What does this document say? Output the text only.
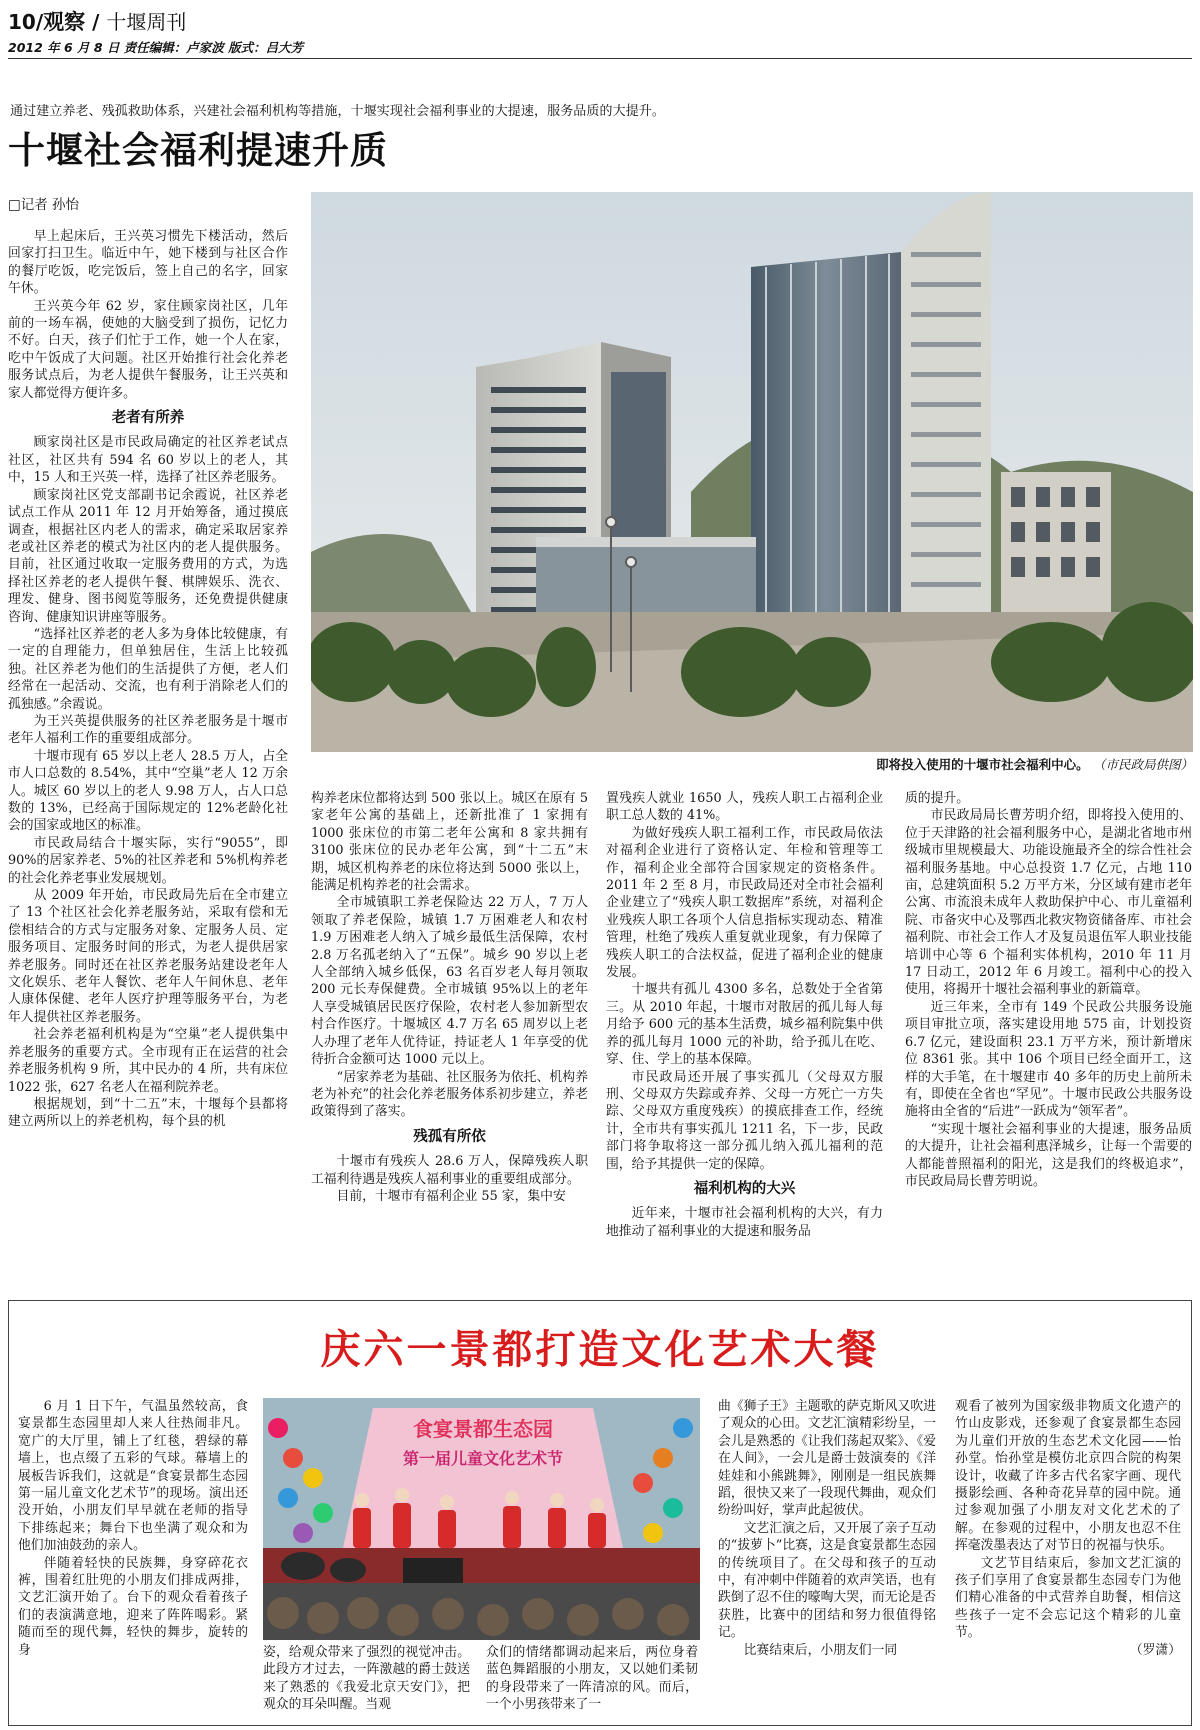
10/观察 / 十堰周刊
2012 年 6 月 8 日 责任编辑：卢家波 版式：吕大芳
通过建立养老、残孤救助体系，兴建社会福利机构等措施，十堰实现社会福利事业的大提速，服务品质的大提升。
十堰社会福利提速升质
□记者 孙怡

早上起床后，王兴英习惯先下楼活动，然后回家打扫卫生。临近中午，她下楼到与社区合作的餐厅吃饭，吃完饭后，签上自己的名字，回家午休。

王兴英今年 62 岁，家住顾家岗社区，几年前的一场车祸，使她的大脑受到了损伤，记忆力不好。白天，孩子们忙于工作，她一个人在家，吃中午饭成了大问题。社区开始推行社会化养老服务试点后，为老人提供午餐服务，让王兴英和家人都觉得方便许多。

老者有所养

顾家岗社区是市民政局确定的社区养老试点社区，社区共有 594 名 60 岁以上的老人，其中，15 人和王兴英一样，选择了社区养老服务。

顾家岗社区党支部副书记余霞说，社区养老试点工作从 2011 年 12 月开始筹备，通过摸底调查，根据社区内老人的需求，确定采取居家养老或社区养老的模式为社区内的老人提供服务。目前，社区通过收取一定服务费用的方式，为选择社区养老的老人提供午餐、棋牌娱乐、洗衣、理发、健身、图书阅览等服务，还免费提供健康咨询、健康知识讲座等服务。

“选择社区养老的老人多为身体比较健康，有一定的自理能力，但单独居住，生活上比较孤独。社区养老为他们的生活提供了方便，老人们经常在一起活动、交流，也有利于消除老人们的孤独感。”余霞说。

为王兴英提供服务的社区养老服务是十堰市老年人福利工作的重要组成部分。

十堰市现有 65 岁以上老人 28.5 万人，占全市人口总数的 8.54%，其中“空巢”老人 12 万余人。城区 60 岁以上的老人 9.98 万人，占人口总数的 13%，已经高于国际规定的 12%老龄化社会的国家或地区的标准。

市民政局结合十堰实际，实行“9055”，即 90%的居家养老、5%的社区养老和 5%机构养老的社会化养老事业发展规划。

从 2009 年开始，市民政局先后在全市建立了 13 个社区社会化养老服务站，采取有偿和无偿相结合的方式与定服务对象、定服务人员、定服务项目、定服务时间的形式，为老人提供居家养老服务。同时还在社区养老服务站建设老年人文化娱乐、老年人餐饮、老年人午间休息、老年人康体保健、老年人医疗护理等服务平台，为老年人提供社区养老服务。

社会养老福利机构是为“空巢”老人提供集中养老服务的重要方式。全市现有正在运营的社会养老服务机构 9 所，其中民办的 4 所，共有床位 1022 张，627 名老人在福利院养老。

根据规划，到“十二五”末，十堰每个县都将建立两所以上的养老机构，每个县的机

即将投入使用的十堰市社会福利中心。 （市民政局供图）

构养老床位都将达到 500 张以上。城区在原有 5 家老年公寓的基础上，还新批准了 1 家拥有 1000 张床位的市第二老年公寓和 8 家共拥有 3100 张床位的民办老年公寓，到“十二五”末期，城区机构养老的床位将达到 5000 张以上，能满足机构养老的社会需求。

全市城镇职工养老保险达 22 万人，7 万人领取了养老保险，城镇 1.7 万困难老人和农村 1.9 万困难老人纳入了城乡最低生活保障，农村 2.8 万名孤老纳入了“五保”。城乡 90 岁以上老人全部纳入城乡低保，63 名百岁老人每月领取 200 元长寿保健费。全市城镇 95%以上的老年人享受城镇居民医疗保险，农村老人参加新型农村合作医疗。十堰城区 4.7 万名 65 周岁以上老人办理了老年人优待证，持证老人 1 年享受的优待折合金额可达 1000 元以上。

“居家养老为基础、社区服务为依托、机构养老为补充”的社会化养老服务体系初步建立，养老政策得到了落实。

残孤有所依

十堰市有残疾人 28.6 万人，保障残疾人职工福利待遇是残疾人福利事业的重要组成部分。

目前，十堰市有福利企业 55 家，集中安

置残疾人就业 1650 人，残疾人职工占福利企业职工总人数的 41%。

为做好残疾人职工福利工作，市民政局依法对福利企业进行了资格认定、年检和管理等工作，福利企业全部符合国家规定的资格条件。2011 年 2 至 8 月，市民政局还对全市社会福利企业建立了“残疾人职工数据库”系统，对福利企业残疾人职工各项个人信息指标实现动态、精准管理，杜绝了残疾人重复就业现象，有力保障了残疾人职工的合法权益，促进了福利企业的健康发展。

十堰共有孤儿 4300 多名，总数处于全省第三。从 2010 年起，十堰市对散居的孤儿每人每月给予 600 元的基本生活费，城乡福利院集中供养的孤儿每月 1000 元的补助，给予孤儿在吃、穿、住、学上的基本保障。

市民政局还开展了事实孤儿（父母双方服刑、父母双方失踪或弃养、父母一方死亡一方失踪、父母双方重度残疾）的摸底排查工作，经统计，全市共有事实孤儿 1211 名，下一步，民政部门将争取将这一部分孤儿纳入孤儿福利的范围，给予其提供一定的保障。

福利机构的大兴

近年来，十堰市社会福利机构的大兴，有力地推动了福利事业的大提速和服务品

质的提升。

市民政局局长曹芳明介绍，即将投入使用的、位于天津路的社会福利服务中心，是湖北省地市州级城市里规模最大、功能设施最齐全的综合性社会福利服务基地。中心总投资 1.7 亿元，占地 110 亩，总建筑面积 5.2 万平方米，分区域有建市老年公寓、市流浪未成年人救助保护中心、市儿童福利院、市备灾中心及鄂西北救灾物资储备库、市社会福利院、市社会工作人才及复员退伍军人职业技能培训中心等 6 个福利实体机构，2010 年 11 月 17 日动工，2012 年 6 月竣工。福利中心的投入使用，将揭开十堰社会福利事业的新篇章。

近三年来，全市有 149 个民政公共服务设施项目审批立项，落实建设用地 575 亩，计划投资 6.7 亿元，建设面积 23.1 万平方米，预计新增床位 8361 张。其中 106 个项目已经全面开工，这样的大手笔，在十堰建市 40 多年的历史上前所未有，即使在全省也“罕见”。十堰市民政公共服务设施将由全省的“后进”一跃成为“领军者”。

“实现十堰社会福利事业的大提速，服务品质的大提升，让社会福利惠泽城乡，让每一个需要的人都能普照福利的阳光，这是我们的终极追求”，市民政局局长曹芳明说。

庆六一景都打造文化艺术大餐

6 月 1 日下午，气温虽然较高，食宴景都生态园里却人来人往热闹非凡。宽广的大厅里，铺上了红毯，碧绿的幕墙上，也点缀了五彩的气球。幕墙上的展板告诉我们，这就是“食宴景都生态园第一届儿童文化艺术节”的现场。演出还没开始，小朋友们早早就在老师的指导下排练起来；舞台下也坐满了观众和为他们加油鼓劲的亲人。

伴随着轻快的民族舞，身穿碎花衣裤，围着红肚兜的小朋友们排成两排，文艺汇演开始了。台下的观众看着孩子们的表演满意地，迎来了阵阵喝彩。紧随而至的现代舞，轻快的舞步，旋转的身

食宴景都生态园
第一届儿童文化艺术节

姿，给观众带来了强烈的视觉冲击。此段方才过去，一阵激越的爵士鼓送来了熟悉的《我爱北京天安门》，把观众的耳朵叫醒。当观

众们的情绪都调动起来后，两位身着蓝色舞蹈服的小朋友，又以她们柔韧的身段带来了一阵清凉的风。而后，一个小男孩带来了一

曲《狮子王》主题歌的萨克斯风又吹进了观众的心田。文艺汇演精彩纷呈，一会儿是熟悉的《让我们荡起双桨》、《爱在人间》，一会儿是爵士鼓演奏的《洋娃娃和小熊跳舞》，刚刚是一组民族舞蹈，很快又来了一段现代舞曲，观众们纷纷叫好，掌声此起彼伏。

文艺汇演之后，又开展了亲子互动的“拔萝卜”比赛，这是食宴景都生态园的传统项目了。在父母和孩子的互动中，有冲刺中伴随着的欢声笑语，也有跌倒了忍不住的嚎啕大哭，而无论是否获胜，比赛中的团结和努力很值得铭记。

比赛结束后，小朋友们一同

观看了被列为国家级非物质文化遗产的竹山皮影戏，还参观了食宴景都生态园为儿童们开放的生态艺术文化园——怡孙堂。怡孙堂是模仿北京四合院的构架设计，收藏了许多古代名家字画、现代摄影绘画、各种奇花异草的园中院。通过参观加强了小朋友对文化艺术的了解。在参观的过程中，小朋友也忍不住挥毫泼墨表达了对节日的祝福与快乐。

文艺节目结束后，参加文艺汇演的孩子们享用了食宴景都生态园专门为他们精心准备的中式营养自助餐，相信这些孩子一定不会忘记这个精彩的儿童节。

（罗潇）
